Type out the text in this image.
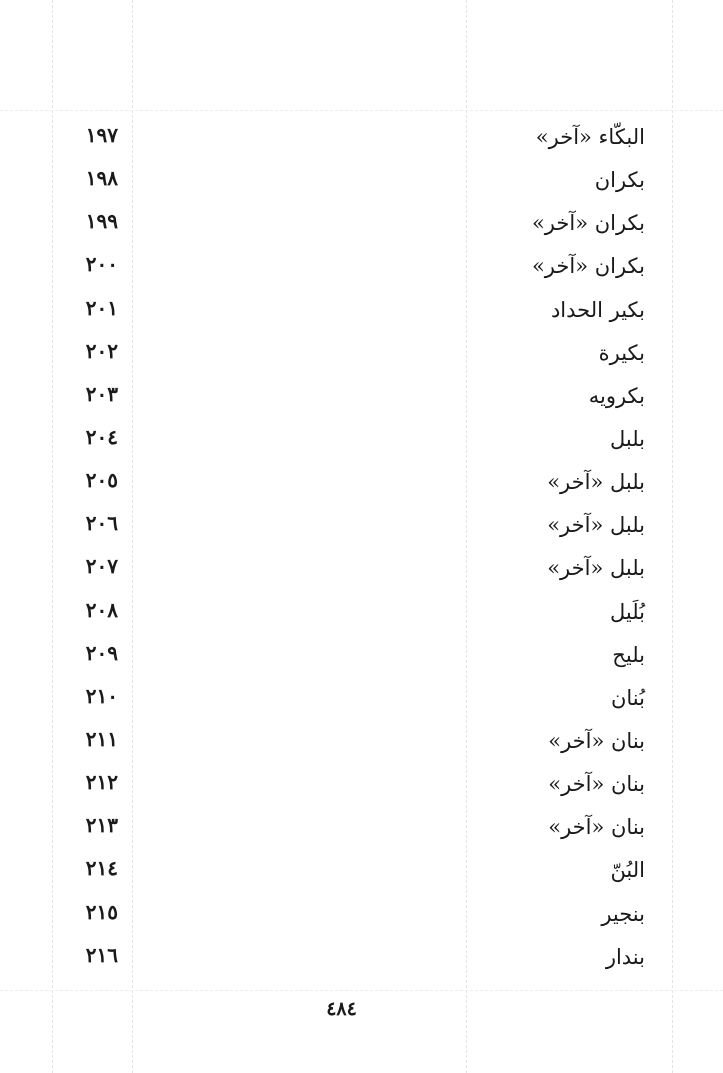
البكّاء «آخر»
١٩٧
بكران
١٩٨
بكران «آخر»
١٩٩
بكران «آخر»
٢٠٠
بكير الحداد
٢٠١
بكيرة
٢٠٢
بكرويه
٢٠٣
بلبل
٢٠٤
بلبل «آخر»
٢٠٥
بلبل «آخر»
٢٠٦
بلبل «آخر»
٢٠٧
بُلَيل
٢٠٨
بليح
٢٠٩
بُنان
٢١٠
بنان «آخر»
٢١١
بنان «آخر»
٢١٢
بنان «آخر»
٢١٣
البُنّ
٢١٤
بنجير
٢١٥
بندار
٢١٦
٤٨٤
